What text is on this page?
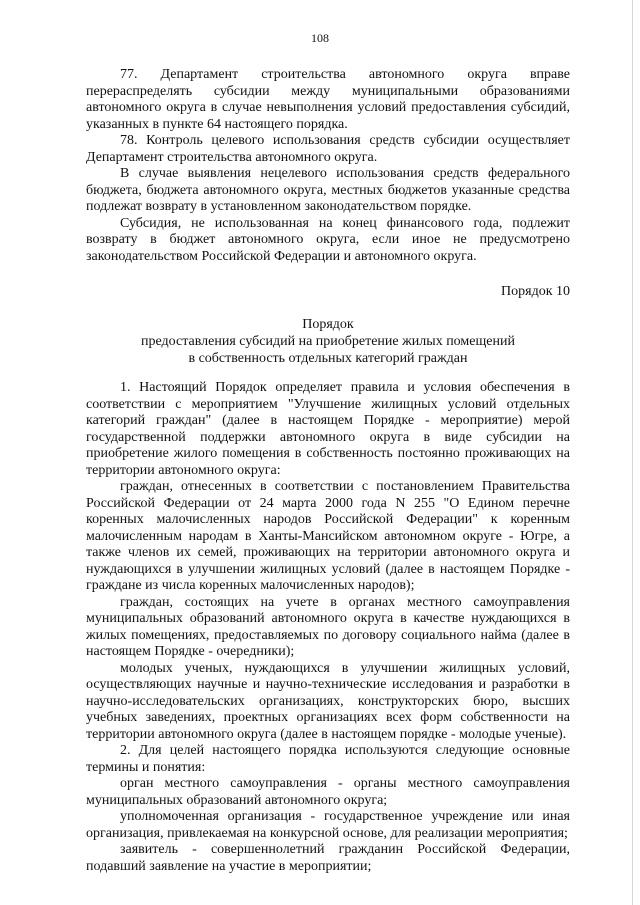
108

77. Департамент строительства автономного округа вправе перераспределять субсидии между муниципальными образованиями автономного округа в случае невыполнения условий предоставления субсидий, указанных в пункте 64 настоящего порядка.

78. Контроль целевого использования средств субсидии осуществляет Департамент строительства автономного округа.

В случае выявления нецелевого использования средств федерального бюджета, бюджета автономного округа, местных бюджетов указанные средства подлежат возврату в установленном законодательством порядке.

Субсидия, не использованная на конец финансового года, подлежит возврату в бюджет автономного округа, если иное не предусмотрено законодательством Российской Федерации и автономного округа.

Порядок 10
Порядок
предоставления субсидий на приобретение жилых помещений
в собственность отдельных категорий граждан

1. Настоящий Порядок определяет правила и условия обеспечения в соответствии с мероприятием "Улучшение жилищных условий отдельных категорий граждан" (далее в настоящем Порядке - мероприятие) мерой государственной поддержки автономного округа в виде субсидии на приобретение жилого помещения в собственность постоянно проживающих на территории автономного округа:

граждан, отнесенных в соответствии с постановлением Правительства Российской Федерации от 24 марта 2000 года N 255 "О Едином перечне коренных малочисленных народов Российской Федерации" к коренным малочисленным народам в Ханты-Мансийском автономном округе - Югре, а также членов их семей, проживающих на территории автономного округа и нуждающихся в улучшении жилищных условий (далее в настоящем Порядке - граждане из числа коренных малочисленных народов);

граждан, состоящих на учете в органах местного самоуправления муниципальных образований автономного округа в качестве нуждающихся в жилых помещениях, предоставляемых по договору социального найма (далее в настоящем Порядке - очередники);

молодых ученых, нуждающихся в улучшении жилищных условий, осуществляющих научные и научно-технические исследования и разработки в научно-исследовательских организациях, конструкторских бюро, высших учебных заведениях, проектных организациях всех форм собственности на территории автономного округа (далее в настоящем порядке - молодые ученые).

2. Для целей настоящего порядка используются следующие основные термины и понятия:

орган местного самоуправления - органы местного самоуправления муниципальных образований автономного округа;

уполномоченная организация - государственное учреждение или иная организация, привлекаемая на конкурсной основе, для реализации мероприятия;

заявитель - совершеннолетний гражданин Российской Федерации, подавший заявление на участие в мероприятии;
